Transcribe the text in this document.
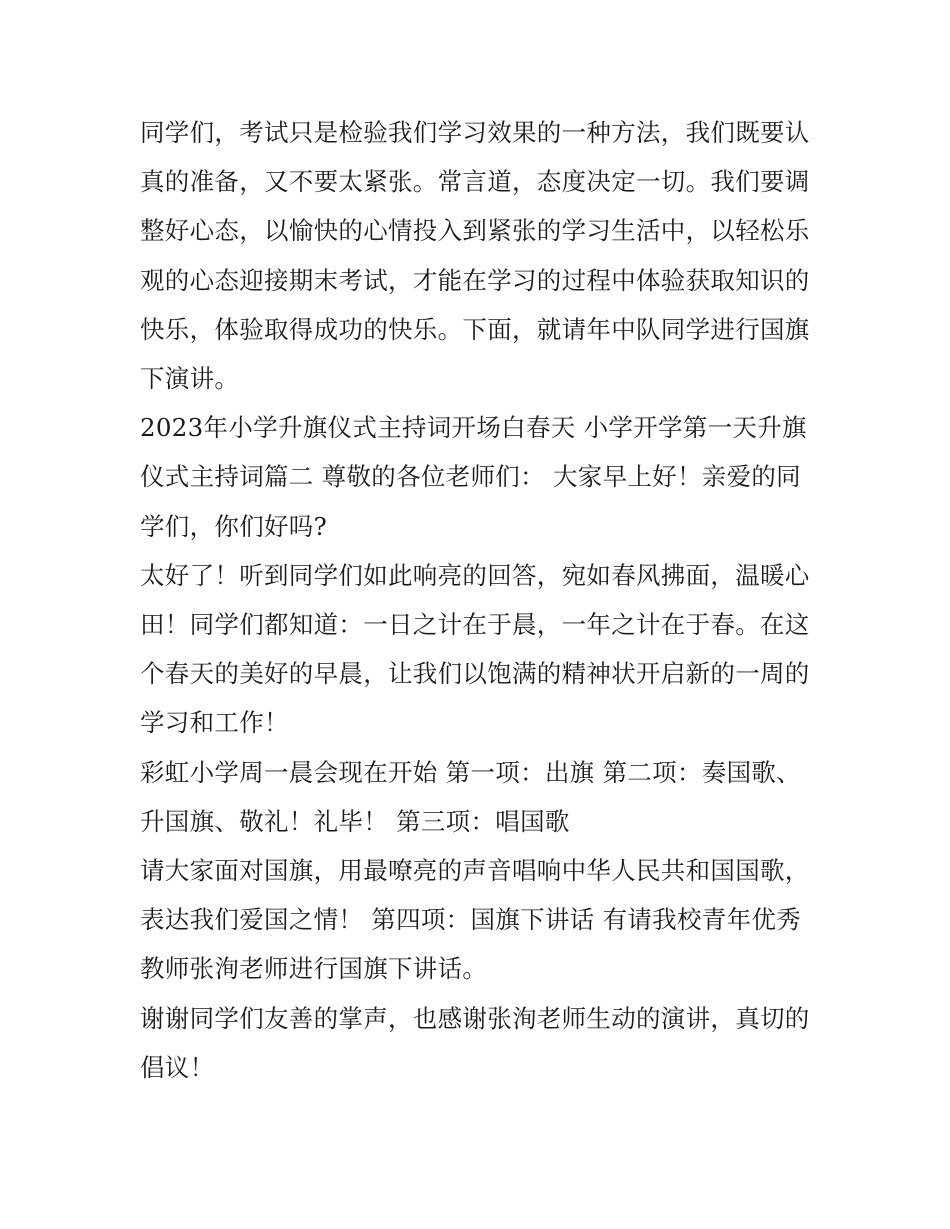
同学们，考试只是检验我们学习效果的一种方法，我们既要认真的准备，又不要太紧张。常言道，态度决定一切。我们要调整好心态，以愉快的心情投入到紧张的学习生活中，以轻松乐观的心态迎接期末考试，才能在学习的过程中体验获取知识的快乐，体验取得成功的快乐。下面，就请年中队同学进行国旗下演讲。

2023年小学升旗仪式主持词开场白春天 小学开学第一天升旗仪式主持词篇二 尊敬的各位老师们： 大家早上好！亲爱的同学们，你们好吗?

太好了！听到同学们如此响亮的回答，宛如春风拂面，温暖心田！同学们都知道：一日之计在于晨，一年之计在于春。在这个春天的美好的早晨，让我们以饱满的精神状开启新的一周的学习和工作！

彩虹小学周一晨会现在开始 第一项：出旗 第二项：奏国歌、升国旗、敬礼！礼毕！ 第三项：唱国歌

请大家面对国旗，用最嘹亮的声音唱响中华人民共和国国歌，表达我们爱国之情！ 第四项：国旗下讲话 有请我校青年优秀教师张洵老师进行国旗下讲话。

谢谢同学们友善的掌声，也感谢张洵老师生动的演讲，真切的倡议！
